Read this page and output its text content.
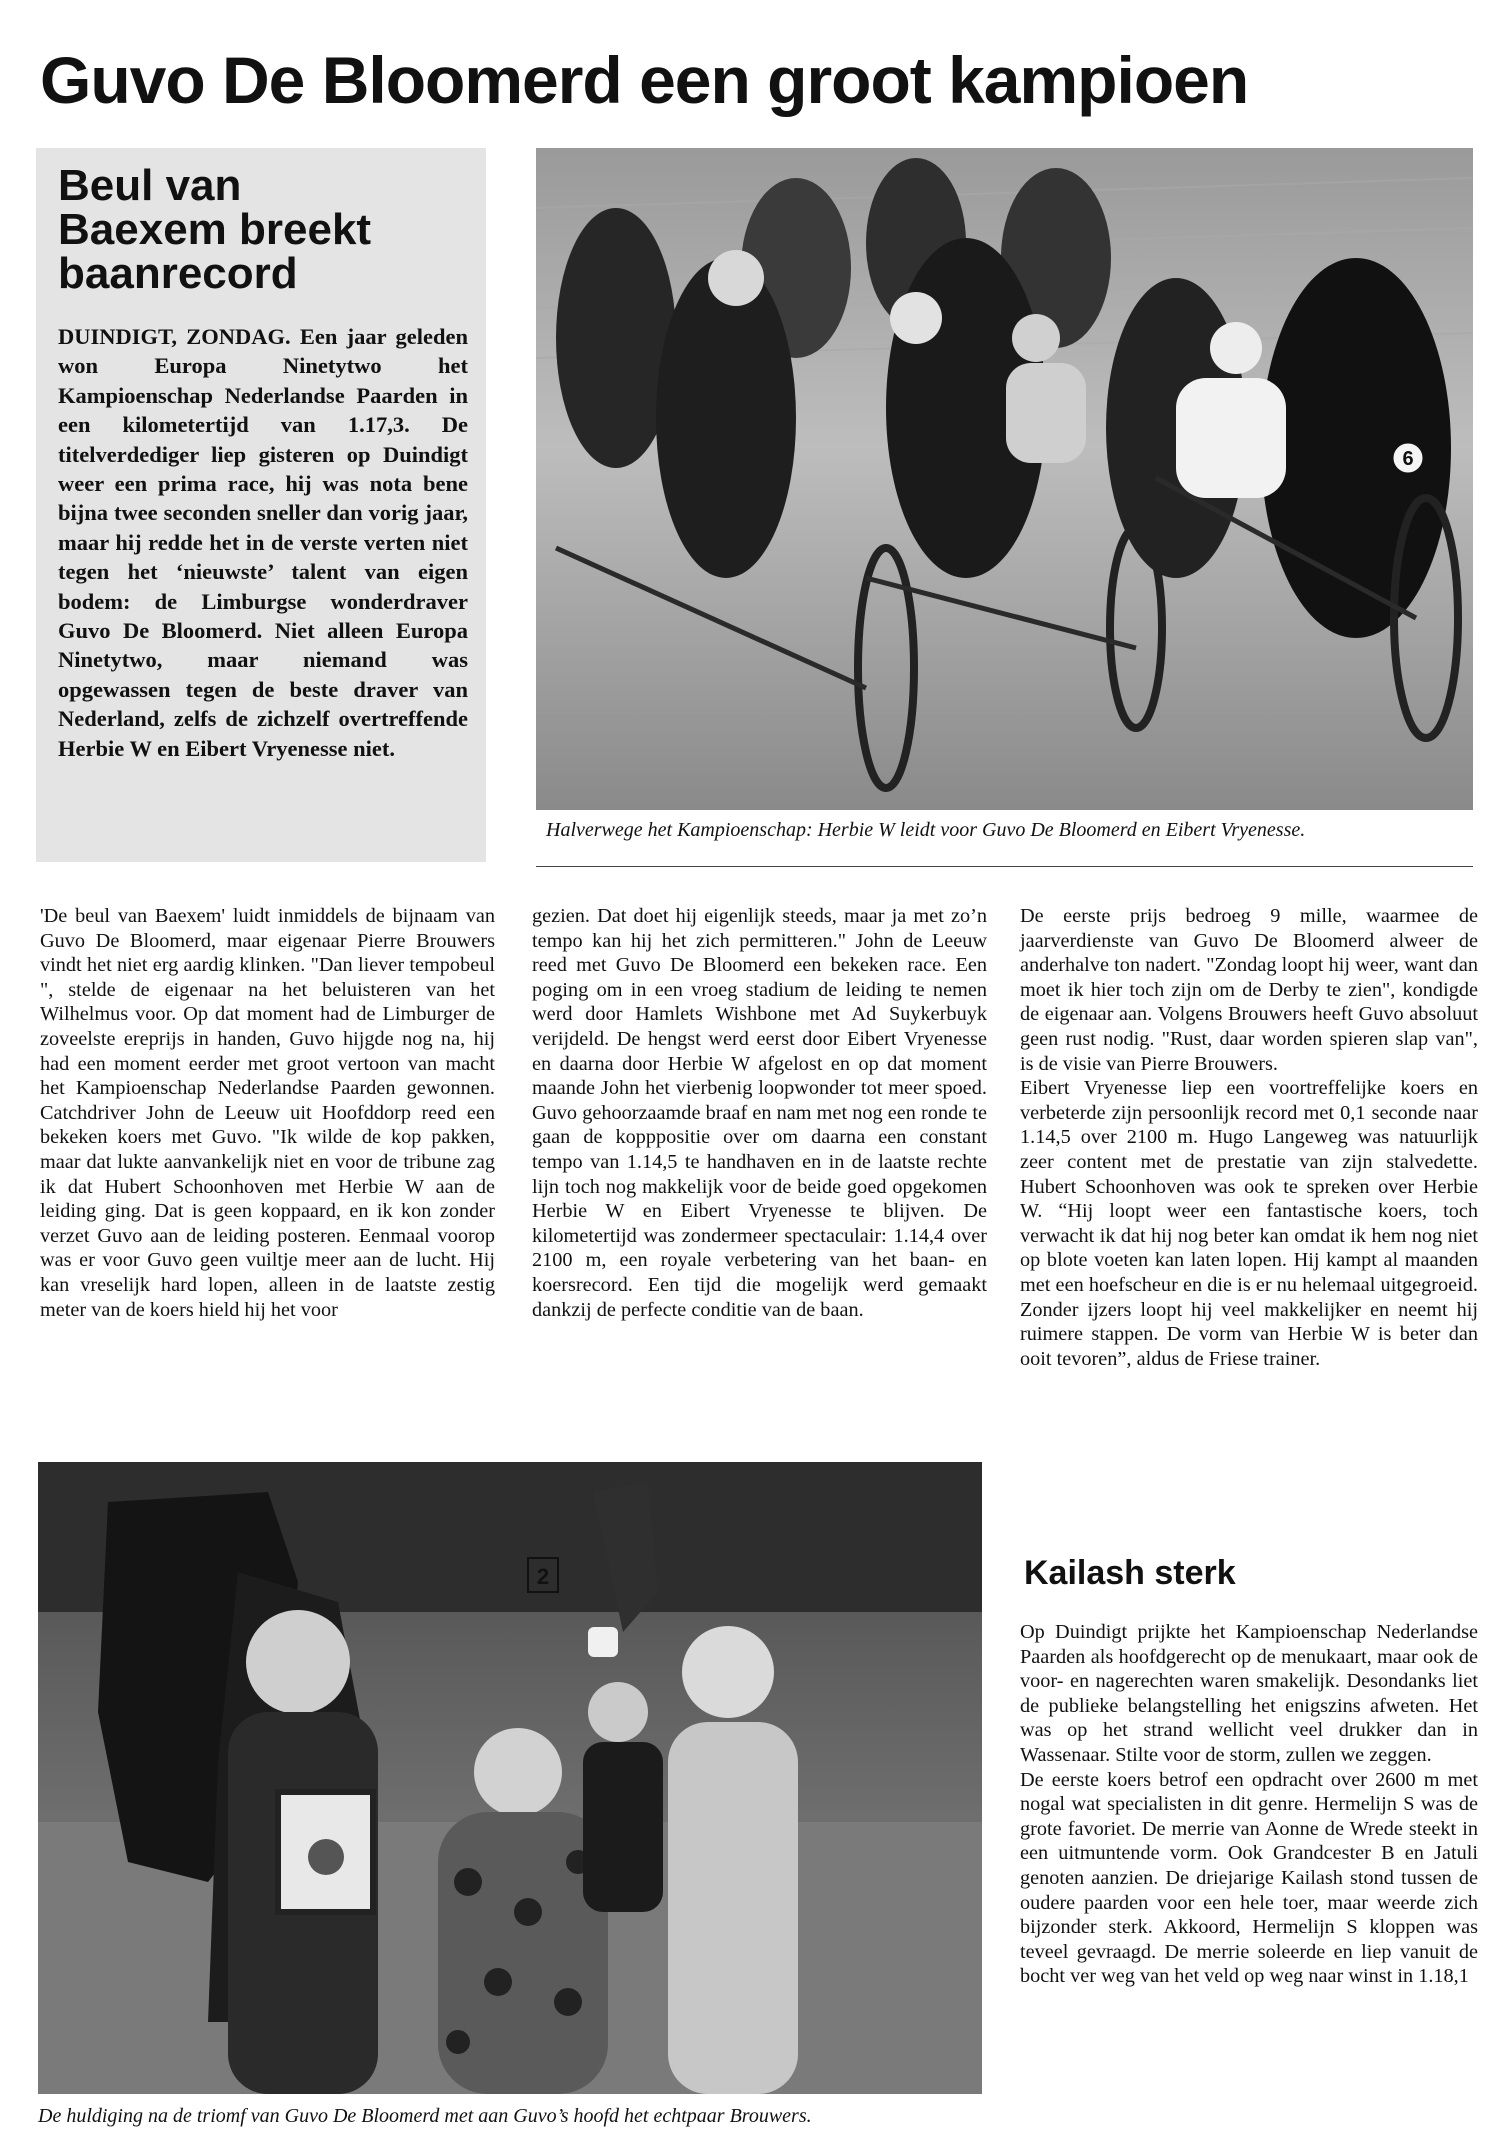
Guvo De Bloomerd een groot kampioen
Beul van
Baexem breekt
baanrecord

DUINDIGT, ZONDAG. Een jaar geleden won Europa Ninetytwo het Kampioenschap Nederlandse Paarden in een kilometertijd van 1.17,3. De titelverdediger liep gisteren op Duindigt weer een prima race, hij was nota bene bijna twee seconden sneller dan vorig jaar, maar hij redde het in de verste verten niet tegen het ‘nieuwste’ talent van eigen bodem: de Limburgse wonderdraver Guvo De Bloomerd. Niet alleen Europa Ninetytwo, maar niemand was opgewassen tegen de beste draver van Nederland, zelfs de zichzelf overtreffende Herbie W en Eibert Vryenesse niet.

6
Halverwege het Kampioenschap: Herbie W leidt voor Guvo De Bloomerd en Eibert Vryenesse.

'De beul van Baexem' luidt inmiddels de bijnaam van Guvo De Bloomerd, maar eigenaar Pierre Brouwers vindt het niet erg aardig klinken. "Dan liever tempobeul ", stelde de eigenaar na het beluisteren van het Wilhelmus voor. Op dat moment had de Limburger de zoveelste ereprijs in handen, Guvo hijgde nog na, hij had een moment eerder met groot vertoon van macht het Kampioenschap Nederlandse Paarden gewonnen. Catchdriver John de Leeuw uit Hoofddorp reed een bekeken koers met Guvo. "Ik wilde de kop pakken, maar dat lukte aanvankelijk niet en voor de tribune zag ik dat Hubert Schoonhoven met Herbie W aan de leiding ging. Dat is geen koppaard, en ik kon zonder verzet Guvo aan de leiding posteren. Eenmaal voorop was er voor Guvo geen vuiltje meer aan de lucht. Hij kan vreselijk hard lopen, alleen in de laatste zestig meter van de koers hield hij het voor

gezien. Dat doet hij eigenlijk steeds, maar ja met zo’n tempo kan hij het zich permitteren." John de Leeuw reed met Guvo De Bloomerd een bekeken race. Een poging om in een vroeg stadium de leiding te nemen werd door Hamlets Wishbone met Ad Suykerbuyk verijdeld. De hengst werd eerst door Eibert Vryenesse en daarna door Herbie W afgelost en op dat moment maande John het vierbenig loopwonder tot meer spoed. Guvo gehoorzaamde braaf en nam met nog een ronde te gaan de kopppositie over om daarna een constant tempo van 1.14,5 te handhaven en in de laatste rechte lijn toch nog makkelijk voor de beide goed opgekomen Herbie W en Eibert Vryenesse te blijven. De kilometertijd was zondermeer spectaculair: 1.14,4 over 2100 m, een royale verbetering van het baan- en koersrecord. Een tijd die mogelijk werd gemaakt dankzij de perfecte conditie van de baan.

De eerste prijs bedroeg 9 mille, waarmee de jaarverdienste van Guvo De Bloomerd alweer de anderhalve ton nadert. "Zondag loopt hij weer, want dan moet ik hier toch zijn om de Derby te zien", kondigde de eigenaar aan. Volgens Brouwers heeft Guvo absoluut geen rust nodig. "Rust, daar worden spieren slap van", is de visie van Pierre Brouwers.

Eibert Vryenesse liep een voortreffelijke koers en verbeterde zijn persoonlijk record met 0,1 seconde naar 1.14,5 over 2100 m. Hugo Langeweg was natuurlijk zeer content met de prestatie van zijn stalvedette. Hubert Schoonhoven was ook te spreken over Herbie W. “Hij loopt weer een fantastische koers, toch verwacht ik dat hij nog beter kan omdat ik hem nog niet op blote voeten kan laten lopen. Hij kampt al maanden met een hoefscheur en die is er nu helemaal uitgegroeid. Zonder ijzers loopt hij veel makkelijker en neemt hij ruimere stappen. De vorm van Herbie W is beter dan ooit tevoren”, aldus de Friese trainer.

Kailash sterk

Op Duindigt prijkte het Kampioenschap Nederlandse Paarden als hoofdgerecht op de menukaart, maar ook de voor- en nagerechten waren smakelijk. Desondanks liet de publieke belangstelling het enigszins afweten. Het was op het strand wellicht veel drukker dan in Wassenaar. Stilte voor de storm, zullen we zeggen.

De eerste koers betrof een opdracht over 2600 m met nogal wat specialisten in dit genre. Hermelijn S was de grote favoriet. De merrie van Aonne de Wrede steekt in een uitmuntende vorm. Ook Grandcester B en Jatuli genoten aanzien. De driejarige Kailash stond tussen de oudere paarden voor een hele toer, maar weerde zich bijzonder sterk. Akkoord, Hermelijn S kloppen was teveel gevraagd. De merrie soleerde en liep vanuit de bocht ver weg van het veld op weg naar winst in 1.18,1

2
De huldiging na de triomf van Guvo De Bloomerd met aan Guvo’s hoofd het echtpaar Brouwers.
